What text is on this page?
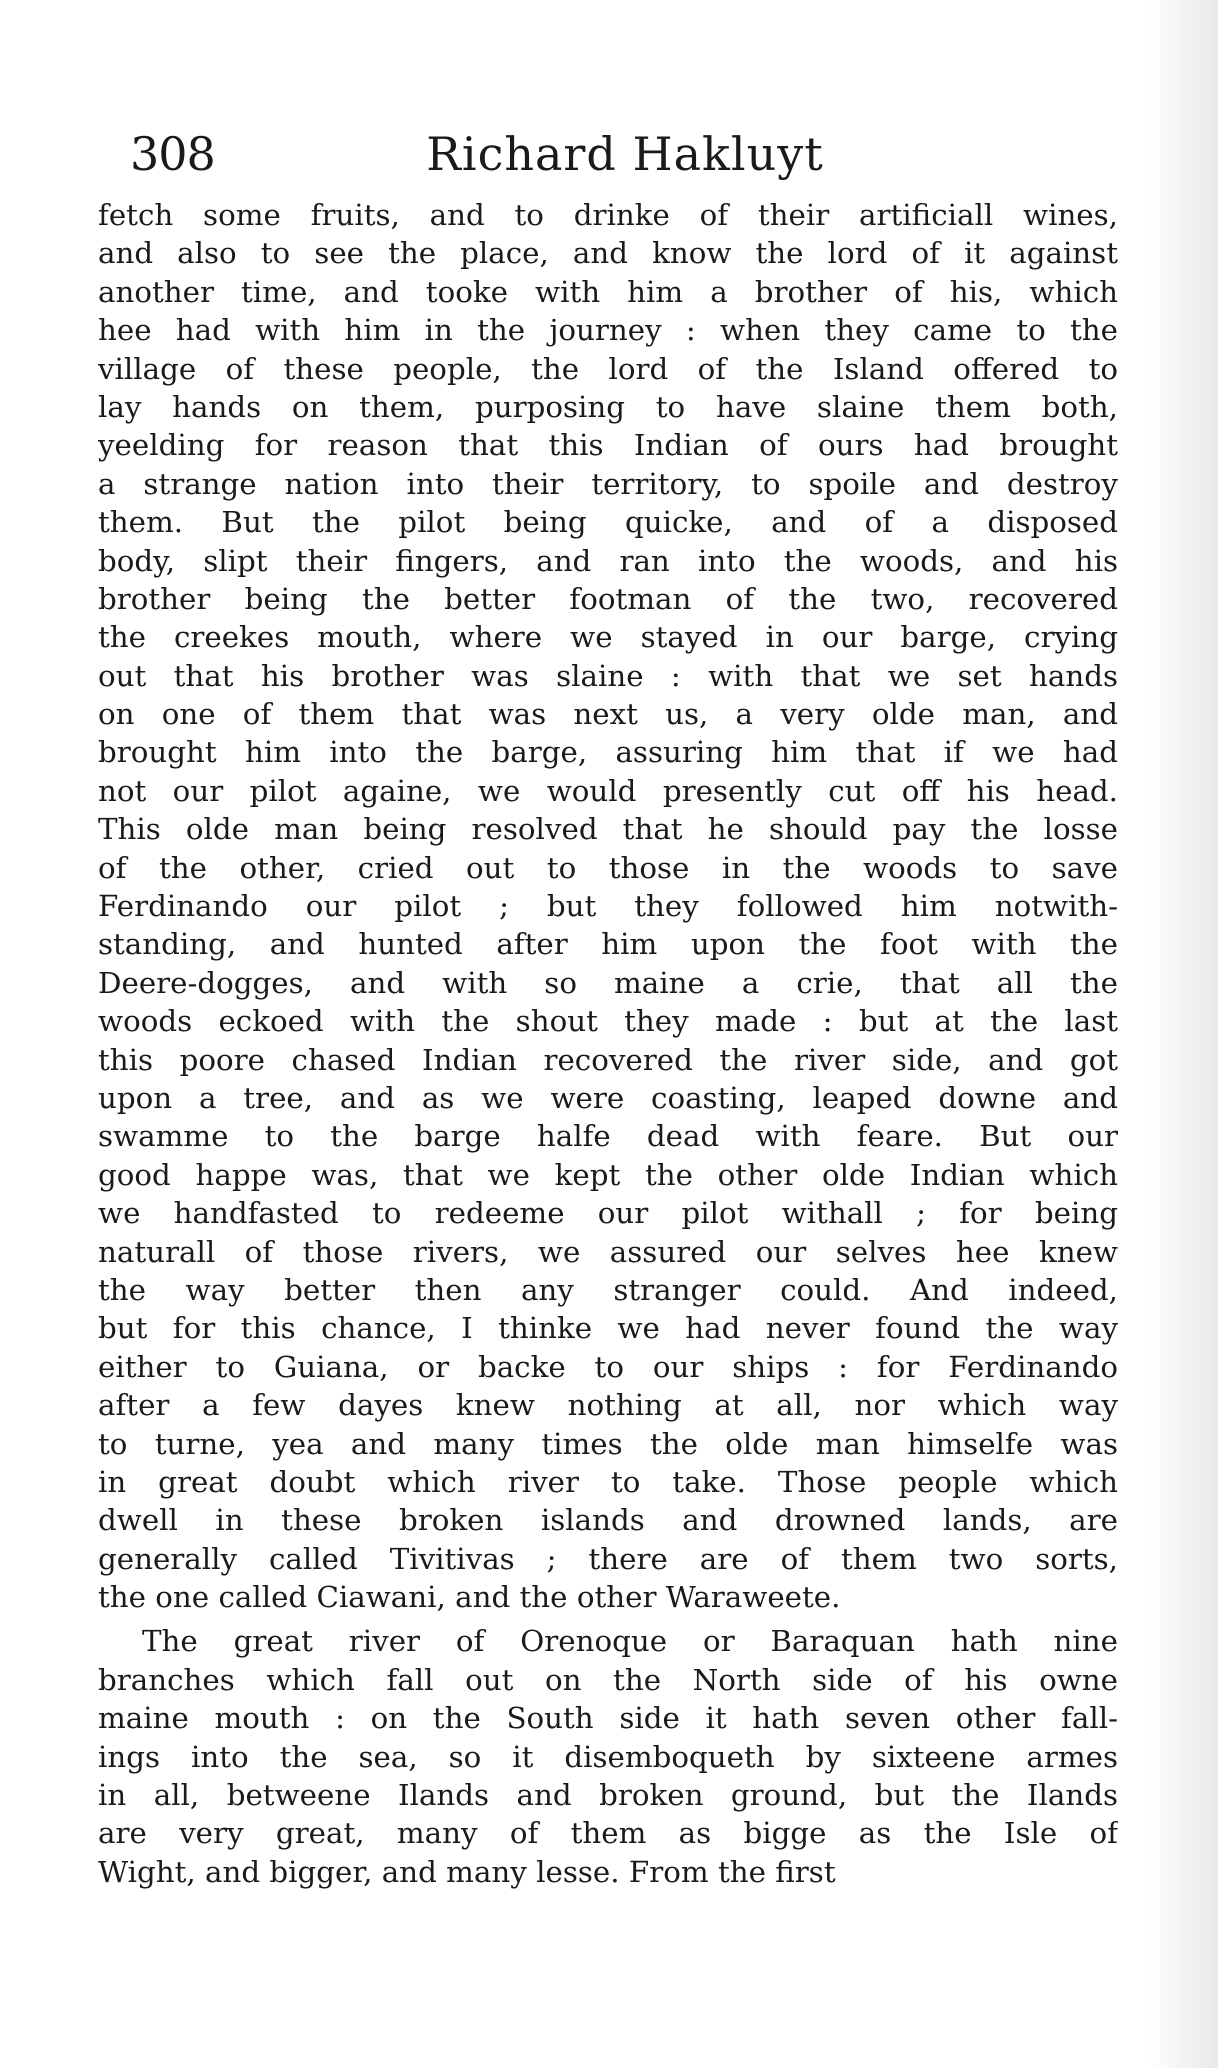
308	Richard Hakluyt
fetch some fruits, and to drinke of their artificiall wines,
and also to see the place, and know the lord of it against
another time, and tooke with him a brother of his, which
hee had with him in the journey : when they came to the
village of these people, the lord of the Island offered to
lay hands on them, purposing to have slaine them both,
yeelding for reason that this Indian of ours had brought
a strange nation into their territory, to spoile and destroy
them. But the pilot being quicke, and of a disposed
body, slipt their fingers, and ran into the woods, and his
brother being the better footman of the two, recovered
the creekes mouth, where we stayed in our barge, crying
out that his brother was slaine : with that we set hands
on one of them that was next us, a very olde man, and
brought him into the barge, assuring him that if we had
not our pilot againe, we would presently cut off his head.
This olde man being resolved that he should pay the losse
of the other, cried out to those in the woods to save
Ferdinando our pilot ; but they followed him notwith-
standing, and hunted after him upon the foot with the
Deere-dogges, and with so maine a crie, that all the
woods eckoed with the shout they made : but at the last
this poore chased Indian recovered the river side, and got
upon a tree, and as we were coasting, leaped downe and
swamme to the barge halfe dead with feare. But our
good happe was, that we kept the other olde Indian which
we handfasted to redeeme our pilot withall ; for being
naturall of those rivers, we assured our selves hee knew
the way better then any stranger could. And indeed,
but for this chance, I thinke we had never found the way
either to Guiana, or backe to our ships : for Ferdinando
after a few dayes knew nothing at all, nor which way
to turne, yea and many times the olde man himselfe was
in great doubt which river to take. Those people which
dwell in these broken islands and drowned lands, are
generally called Tivitivas ; there are of them two sorts,
the one called Ciawani, and the other Waraweete.
The great river of Orenoque or Baraquan hath nine
branches which fall out on the North side of his owne
maine mouth : on the South side it hath seven other fall-
ings into the sea, so it disemboqueth by sixteene armes
in all, betweene Ilands and broken ground, but the Ilands
are very great, many of them as bigge as the Isle of
Wight, and bigger, and many lesse. From the first
